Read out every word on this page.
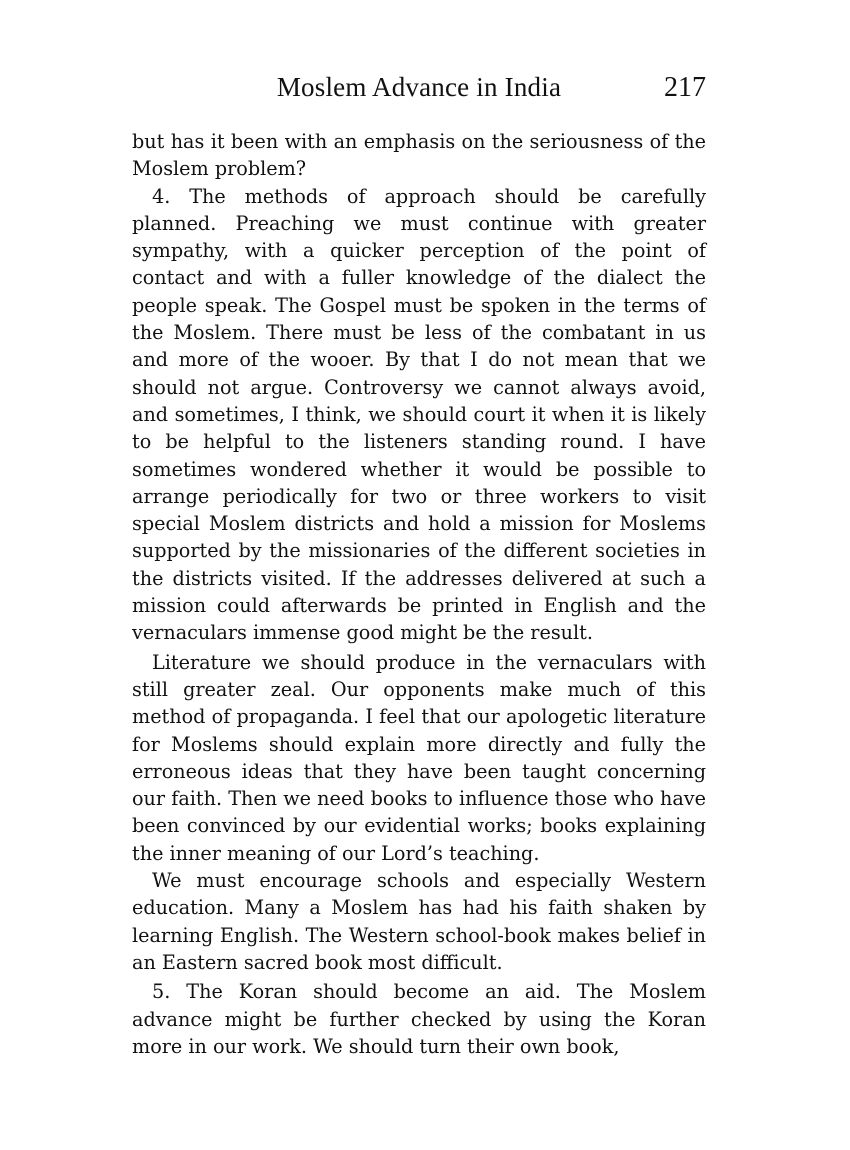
Moslem Advance in India	217

but has it been with an emphasis on the seriousness of the Moslem problem?

4. The methods of approach should be carefully planned. Preaching we must continue with greater sympathy, with a quicker perception of the point of contact and with a fuller knowledge of the dialect the people speak. The Gospel must be spoken in the terms of the Moslem. There must be less of the combatant in us and more of the wooer. By that I do not mean that we should not argue. Controversy we cannot always avoid, and sometimes, I think, we should court it when it is likely to be helpful to the listeners standing round. I have sometimes wondered whether it would be possible to arrange periodically for two or three workers to visit special Moslem districts and hold a mission for Moslems supported by the missionaries of the different societies in the districts visited. If the addresses delivered at such a mission could afterwards be printed in English and the vernaculars immense good might be the result.

Literature we should produce in the vernaculars with still greater zeal. Our opponents make much of this method of propaganda. I feel that our apologetic literature for Moslems should explain more directly and fully the erroneous ideas that they have been taught concerning our faith. Then we need books to influence those who have been convinced by our evidential works; books explaining the inner meaning of our Lord’s teaching.

We must encourage schools and especially Western education. Many a Moslem has had his faith shaken by learning English. The Western school-book makes belief in an Eastern sacred book most difficult.

5. The Koran should become an aid. The Moslem advance might be further checked by using the Koran more in our work. We should turn their own book,
